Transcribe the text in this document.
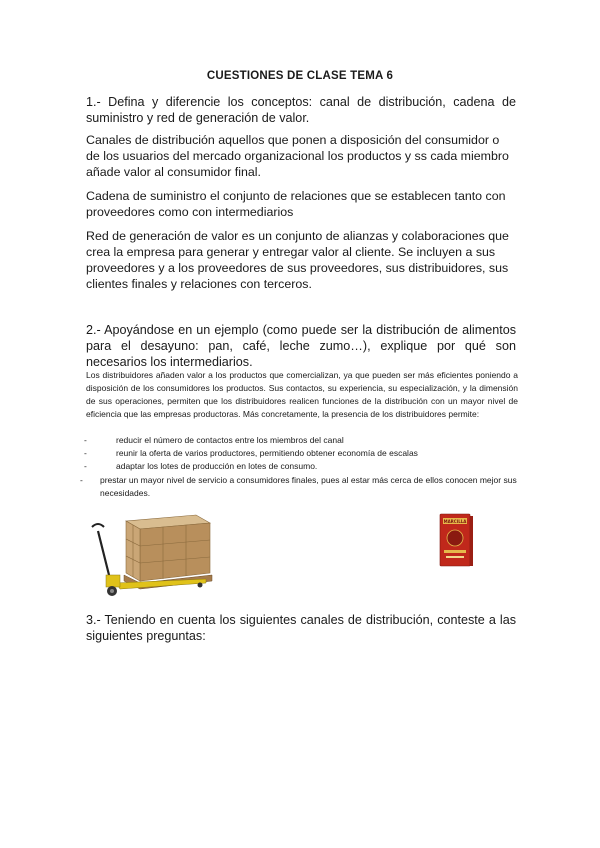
CUESTIONES DE CLASE TEMA 6
1.- Defina y diferencie los conceptos: canal de distribución, cadena de suministro y red de generación de valor.
Canales de distribución aquellos que ponen a disposición del consumidor o de los usuarios del mercado organizacional los productos y ss cada miembro añade valor al consumidor final.
Cadena de suministro el conjunto de relaciones que se establecen tanto con proveedores como con intermediarios
Red de generación de valor es un conjunto de alianzas y colaboraciones que crea la empresa para generar y entregar valor al cliente. Se incluyen a sus proveedores y a los proveedores de sus proveedores, sus distribuidores, sus clientes finales y relaciones con terceros.
2.- Apoyándose en un ejemplo (como puede ser la distribución de alimentos para el desayuno: pan, café, leche zumo…), explique por qué son necesarios los intermediarios.
Los distribuidores añaden valor a los productos que comercializan, ya que pueden ser más eficientes poniendo a disposición de los consumidores los productos. Sus contactos, su experiencia, su especialización, y la dimensión de sus operaciones, permiten que los distribuidores realicen funciones de la distribución con un mayor nivel de eficiencia que las empresas productoras. Más concretamente, la presencia de los distribuidores permite:
-	reducir el número de contactos entre los miembros del canal
-	reunir la oferta de varios productores, permitiendo obtener economía de escalas
-	adaptar los lotes de producción en lotes de consumo.
- prestar un mayor nivel de servicio a consumidores finales, pues al estar más cerca de ellos conocen mejor sus necesidades.
MARCILLA
3.- Teniendo en cuenta los siguientes canales de distribución, conteste a las siguientes preguntas:
